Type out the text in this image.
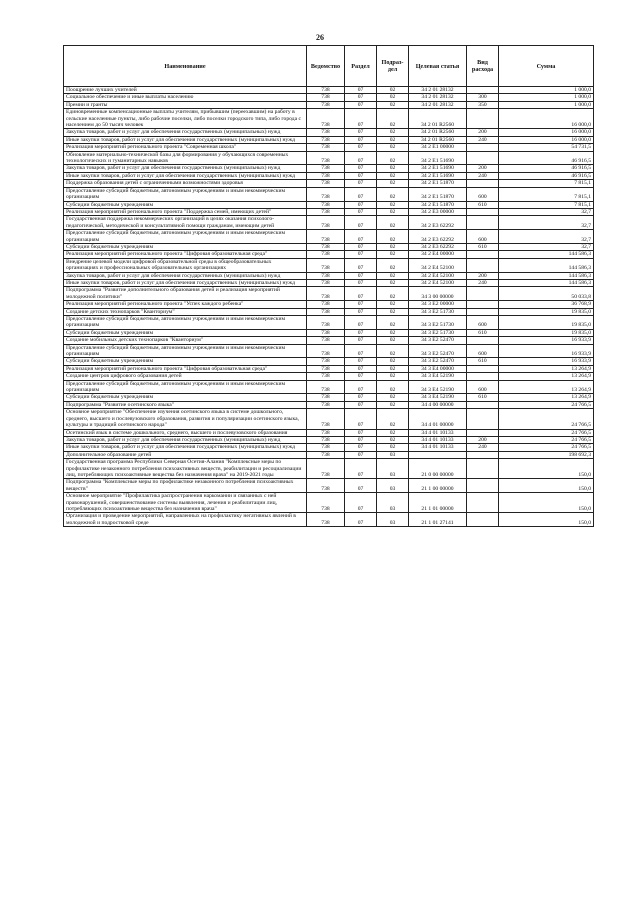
26
Наименование	Ведомство	Раздел	Подраз-дел	Целевая статья	Вид расхода	Сумма
Поощрение лучших учителей	738	07	02	34 2 01 28132		1 000,0
Социальное обеспечение и иные выплаты населению	738	07	02	34 2 01 28132	300	1 000,0
Премии и гранты	738	07	02	34 2 01 28132	350	1 000,0
Единовременные компенсационные выплаты учителям, прибывшим (переехавшим) на работу в сельские населенные пункты, либо рабочие поселки, либо поселки городского типа, либо города с населением до 50 тысяч человек	738	07	02	34 2 01 R2560		16 000,0
Закупка товаров, работ и услуг для обеспечения государственных (муниципальных) нужд	738	07	02	34 2 01 R2560	200	16 000,0
Иные закупки товаров, работ и услуг для обеспечения государственных (муниципальных) нужд	738	07	02	34 2 01 R2560	240	16 000,0
Реализация мероприятий регионального проекта "Современная школа"	738	07	02	34 2 E1 00000		54 731,5
Обновление материально-технической базы для формирования у обучающихся современных технологических и гуманитарных навыков	738	07	02	34 2 E1 51690		46 916,5
Закупка товаров, работ и услуг для обеспечения государственных (муниципальных) нужд	738	07	02	34 2 E1 51690	200	46 916,5
Иные закупки товаров, работ и услуг для обеспечения государственных (муниципальных) нужд	738	07	02	34 2 E1 51690	240	46 916,5
Поддержка образования детей с ограниченными возможностями здоровья	738	07	02	34 2 E1 51870		7 815,1
Предоставление субсидий бюджетным, автономным учреждениям и иным некоммерческим организациям	738	07	02	34 2 E1 51870	600	7 815,1
Субсидии бюджетным учреждениям	738	07	02	34 2 E1 51870	610	7 815,1
Реализация мероприятий регионального проекта "Поддержка семей, имеющих детей"	738	07	02	34 2 E3 00000		32,7
Государственная поддержка некоммерческих организаций в целях оказания психолого-педагогической, методической и консультативной помощи гражданам, имеющим детей	738	07	02	34 2 E3 62292		32,7
Предоставление субсидий бюджетным, автономным учреждениям и иным некоммерческим организациям	738	07	02	34 2 E3 62292	600	32,7
Субсидии бюджетным учреждениям	738	07	02	34 2 E3 62292	610	32,7
Реализация мероприятий регионального проекта "Цифровая образовательная среда"	738	07	02	34 2 E4 00000		144 586,3
Внедрение целевой модели цифровой образовательной среды в общеобразовательных организациях и профессиональных образовательных организациях	738	07	02	34 2 E4 52100		144 586,3
Закупка товаров, работ и услуг для обеспечения государственных (муниципальных) нужд	738	07	02	34 2 E4 52100	200	144 586,3
Иные закупки товаров, работ и услуг для обеспечения государственных (муниципальных) нужд	738	07	02	34 2 E4 52100	240	144 586,3
Подпрограмма "Развитие дополнительного образования детей и реализация мероприятий молодежной политики"	738	07	02	34 3 00 00000		50 033,8
Реализация мероприятий регионального проекта "Успех каждого ребенка"	738	07	02	34 3 E2 00000		36 768,9
Создание детских технопарков "Кванториум"	738	07	02	34 3 E2 51730		19 835,0
Предоставление субсидий бюджетным, автономным учреждениям и иным некоммерческим организациям	738	07	02	34 3 E2 51730	600	19 835,0
Субсидии бюджетным учреждениям	738	07	02	34 3 E2 51730	610	19 835,0
Создание мобильных детских технопарков "Кванториум"	738	07	02	34 3 E2 52470		16 933,9
Предоставление субсидий бюджетным, автономным учреждениям и иным некоммерческим организациям	738	07	02	34 3 E2 52470	600	16 933,9
Субсидии бюджетным учреждениям	738	07	02	34 3 E2 52470	610	16 933,9
Реализация мероприятий регионального проекта "Цифровая образовательная среда"	738	07	02	34 3 E4 00000		13 264,9
Создание центров цифрового образования детей	738	07	02	34 3 E4 52190		13 264,9
Предоставление субсидий бюджетным, автономным учреждениям и иным некоммерческим организациям	738	07	02	34 3 E4 52190	600	13 264,9
Субсидии бюджетным учреждениям	738	07	02	34 3 E4 52190	610	13 264,9
Подпрограмма "Развитие осетинского языка"	738	07	02	34 4 00 00000		24 766,5
Основное мероприятие "Обеспечение изучения осетинского языка в системе дошкольного, среднего, высшего и послевузовского образования, развития и популяризации осетинского языка, культуры и традиций осетинского народа"	738	07	02	34 4 01 00000		24 766,5
Осетинский язык в системе дошкольного, среднего, высшего и послевузовского образования	738	07	02	34 4 01 10133		24 766,5
Закупка товаров, работ и услуг для обеспечения государственных (муниципальных) нужд	738	07	02	34 4 01 10133	200	24 766,5
Иные закупки товаров, работ и услуг для обеспечения государственных (муниципальных) нужд	738	07	02	34 4 01 10133	240	24 766,5
Дополнительное образование детей	738	07	03			198 692,3
Государственная программа Республики Северная Осетия-Алания "Комплексные меры по профилактике незаконного потребления психоактивных веществ, реабилитации и ресоциализации лиц, потребляющих психоактивные вещества без назначения врача" на 2019-2021 годы	738	07	03	21 0 00 00000		150,0
Подпрограмма "Комплексные меры по профилактике незаконного потребления психоактивных веществ"	738	07	03	21 1 00 00000		150,0
Основное мероприятие "Профилактика распространения наркомании и связанных с ней правонарушений, совершенствование системы выявления, лечения и реабилитации лиц, потребляющих психоактивные вещества без назначения врача"	738	07	03	21 1 01 00000		150,0
Организация и проведение мероприятий, направленных на профилактику негативных явлений в молодежной и подростковой среде	738	07	03	21 1 01 27141		150,0
